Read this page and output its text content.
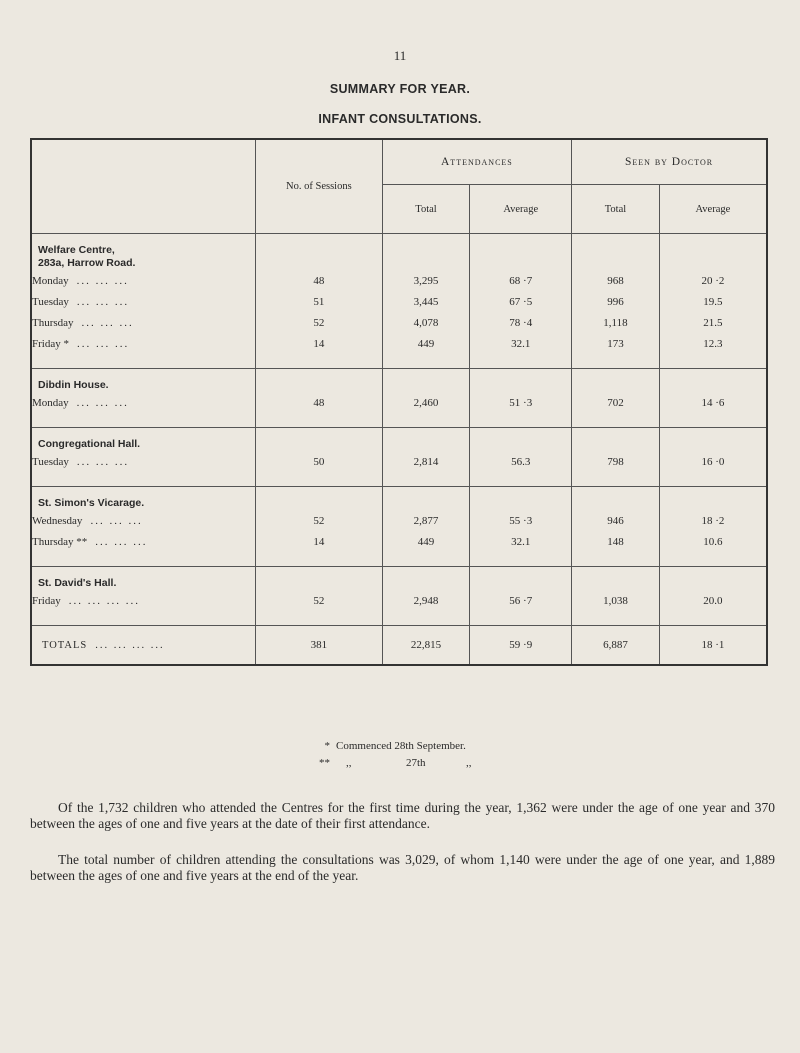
11
SUMMARY FOR YEAR.
INFANT CONSULTATIONS.
	No. of Sessions	Attendances		Seen by Doctor	
		Total	Average	Total	Average
Welfare Centre,
283a, Harrow Road.					
Monday ... ... ...	48	3,295	68 ·7	968	20 ·2
Tuesday ... ... ...	51	3,445	67 ·5	996	19.5
Thursday ... ... ...	52	4,078	78 ·4	1,118	21.5
Friday * ... ... ...	14	449	32.1	173	12.3

Dibdin House.					
Monday ... ... ...	48	2,460	51 ·3	702	14 ·6

Congregational Hall.					
Tuesday ... ... ...	50	2,814	56.3	798	16 ·0

St. Simon's Vicarage.					
Wednesday ... ... ...	52	2,877	55 ·3	946	18 ·2
Thursday ** ... ... ...	14	449	32.1	148	10.6

St. David's Hall.					
Friday ... ... ... ...	52	2,948	56 ·7	1,038	20.0

TOTALS ... ... ... ...	381	22,815	59 ·9	6,887	18 ·1
* Commenced 28th September.
**	,,	27th	,,

Of the 1,732 children who attended the Centres for the first time during the year, 1,362 were under the age of one year and 370 between the ages of one and five years at the date of their first attendance.

The total number of children attending the consultations was 3,029, of whom 1,140 were under the age of one year, and 1,889 between the ages of one and five years at the end of the year.
